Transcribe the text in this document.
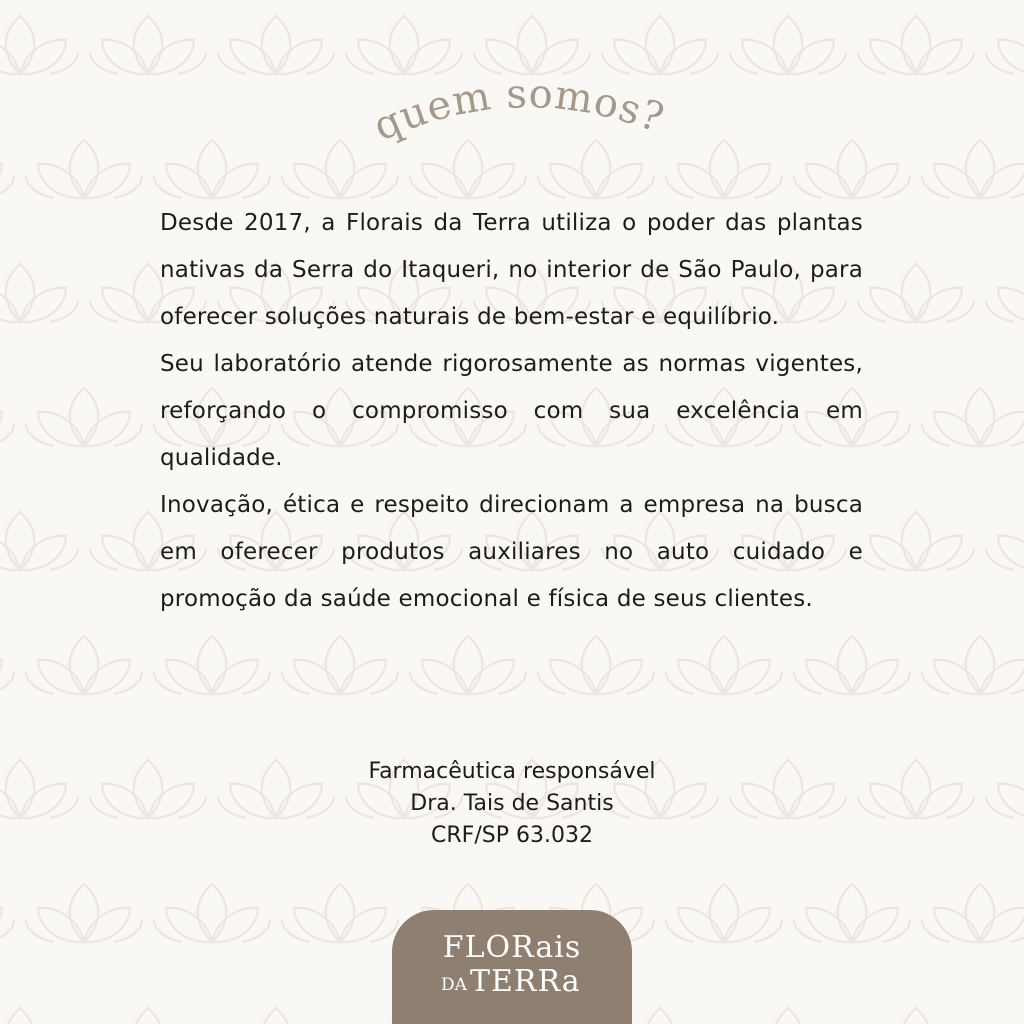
quem somos?

Desde 2017, a Florais da Terra utiliza o poder das plantas nativas da Serra do Itaqueri, no interior de São Paulo, para oferecer soluções naturais de bem-estar e equilíbrio.

Seu laboratório atende rigorosamente as normas vigentes, reforçando o compromisso com sua excelência em qualidade.

Inovação, ética e respeito direcionam a empresa na busca em oferecer produtos auxiliares no auto cuidado e promoção da saúde emocional e física de seus clientes.

Farmacêutica responsável
Dra. Tais de Santis
CRF/SP 63.032
FLORais
DA TERRa
